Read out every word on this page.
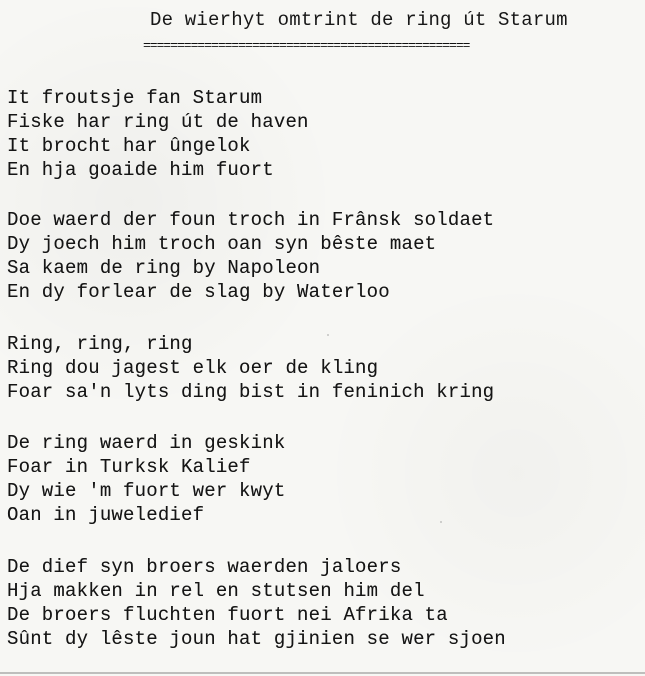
De wierhyt omtrint de ring út Starum
================================================
It froutsje fan Starum
Fiske har ring út de haven
It brocht har ûngelok
En hja goaide him fuort
Doe waerd der foun troch in Frânsk soldaet
Dy joech him troch oan syn bêste maet
Sa kaem de ring by Napoleon
En dy forlear de slag by Waterloo
Ring, ring, ring
Ring dou jagest elk oer de kling
Foar sa'n lyts ding bist in feninich kring
De ring waerd in geskink
Foar in Turksk Kalief
Dy wie 'm fuort wer kwyt
Oan in juweledief
De dief syn broers waerden jaloers
Hja makken in rel en stutsen him del
De broers fluchten fuort nei Afrika ta
Sûnt dy lêste joun hat gjinien se wer sjoen
